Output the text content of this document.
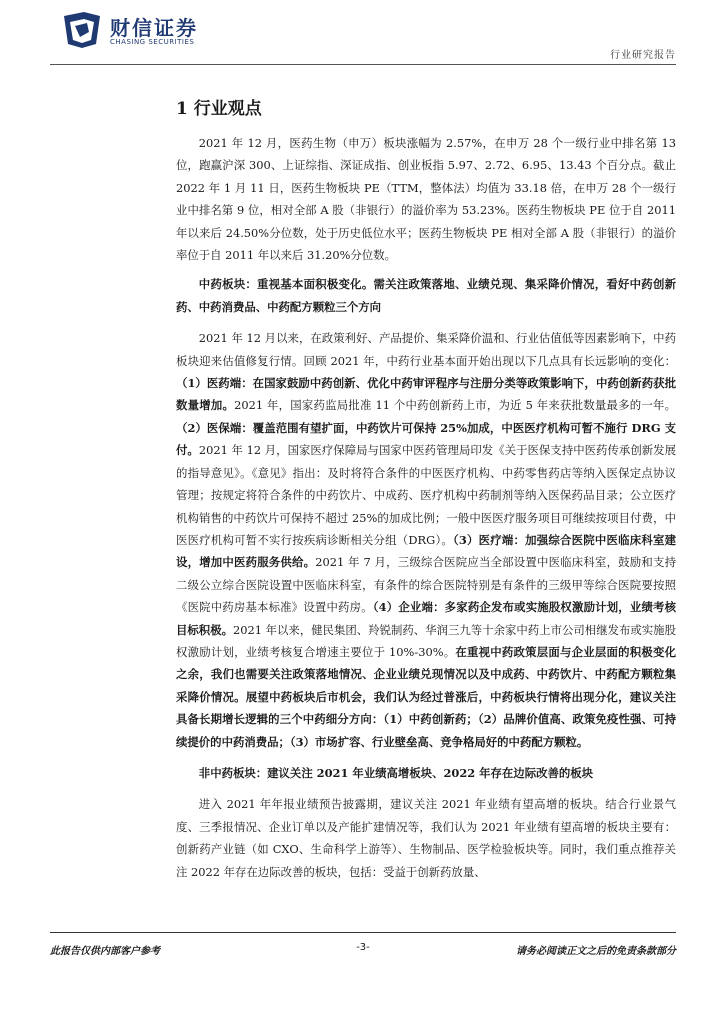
财信证券
CHASING SECURITIES
行业研究报告
1 行业观点

2021 年 12 月，医药生物（申万）板块涨幅为 2.57%，在申万 28 个一级行业中排名第 13 位，跑赢沪深 300、上证综指、深证成指、创业板指 5.97、2.72、6.95、13.43 个百分点。截止 2022 年 1 月 11 日，医药生物板块 PE（TTM，整体法）均值为 33.18 倍，在申万 28 个一级行业中排名第 9 位，相对全部 A 股（非银行）的溢价率为 53.23%。医药生物板块 PE 位于自 2011 年以来后 24.50%分位数，处于历史低位水平；医药生物板块 PE 相对全部 A 股（非银行）的溢价率位于自 2011 年以来后 31.20%分位数。

中药板块：重视基本面积极变化。需关注政策落地、业绩兑现、集采降价情况，看好中药创新药、中药消费品、中药配方颗粒三个方向

2021 年 12 月以来，在政策利好、产品提价、集采降价温和、行业估值低等因素影响下，中药板块迎来估值修复行情。回顾 2021 年，中药行业基本面开始出现以下几点具有长远影响的变化：（1）医药端：在国家鼓励中药创新、优化中药审评程序与注册分类等政策影响下，中药创新药获批数量增加。2021 年，国家药监局批准 11 个中药创新药上市，为近 5 年来获批数量最多的一年。（2）医保端：覆盖范围有望扩面，中药饮片可保持 25%加成，中医医疗机构可暂不施行 DRG 支付。2021 年 12 月，国家医疗保障局与国家中医药管理局印发《关于医保支持中医药传承创新发展的指导意见》。《意见》指出：及时将符合条件的中医医疗机构、中药零售药店等纳入医保定点协议管理；按规定将符合条件的中药饮片、中成药、医疗机构中药制剂等纳入医保药品目录；公立医疗机构销售的中药饮片可保持不超过 25%的加成比例；一般中医医疗服务项目可继续按项目付费，中医医疗机构可暂不实行按疾病诊断相关分组（DRG）。（3）医疗端：加强综合医院中医临床科室建设，增加中医药服务供给。2021 年 7 月，三级综合医院应当全部设置中医临床科室，鼓励和支持二级公立综合医院设置中医临床科室，有条件的综合医院特别是有条件的三级甲等综合医院要按照《医院中药房基本标准》设置中药房。（4）企业端：多家药企发布或实施股权激励计划，业绩考核目标积极。2021 年以来，健民集团、羚锐制药、华润三九等十余家中药上市公司相继发布或实施股权激励计划，业绩考核复合增速主要位于 10%-30%。在重视中药政策层面与企业层面的积极变化之余，我们也需要关注政策落地情况、企业业绩兑现情况以及中成药、中药饮片、中药配方颗粒集采降价情况。展望中药板块后市机会，我们认为经过普涨后，中药板块行情将出现分化，建议关注具备长期增长逻辑的三个中药细分方向：（1）中药创新药；（2）品牌价值高、政策免疫性强、可持续提价的中药消费品；（3）市场扩容、行业壁垒高、竞争格局好的中药配方颗粒。

非中药板块：建议关注 2021 年业绩高增板块、2022 年存在边际改善的板块

进入 2021 年年报业绩预告披露期，建议关注 2021 年业绩有望高增的板块。结合行业景气度、三季报情况、企业订单以及产能扩建情况等，我们认为 2021 年业绩有望高增的板块主要有：创新药产业链（如 CXO、生命科学上游等）、生物制品、医学检验板块等。同时，我们重点推荐关注 2022 年存在边际改善的板块，包括：受益于创新药放量、

此报告仅供内部客户参考	-3-	请务必阅读正文之后的免责条款部分
